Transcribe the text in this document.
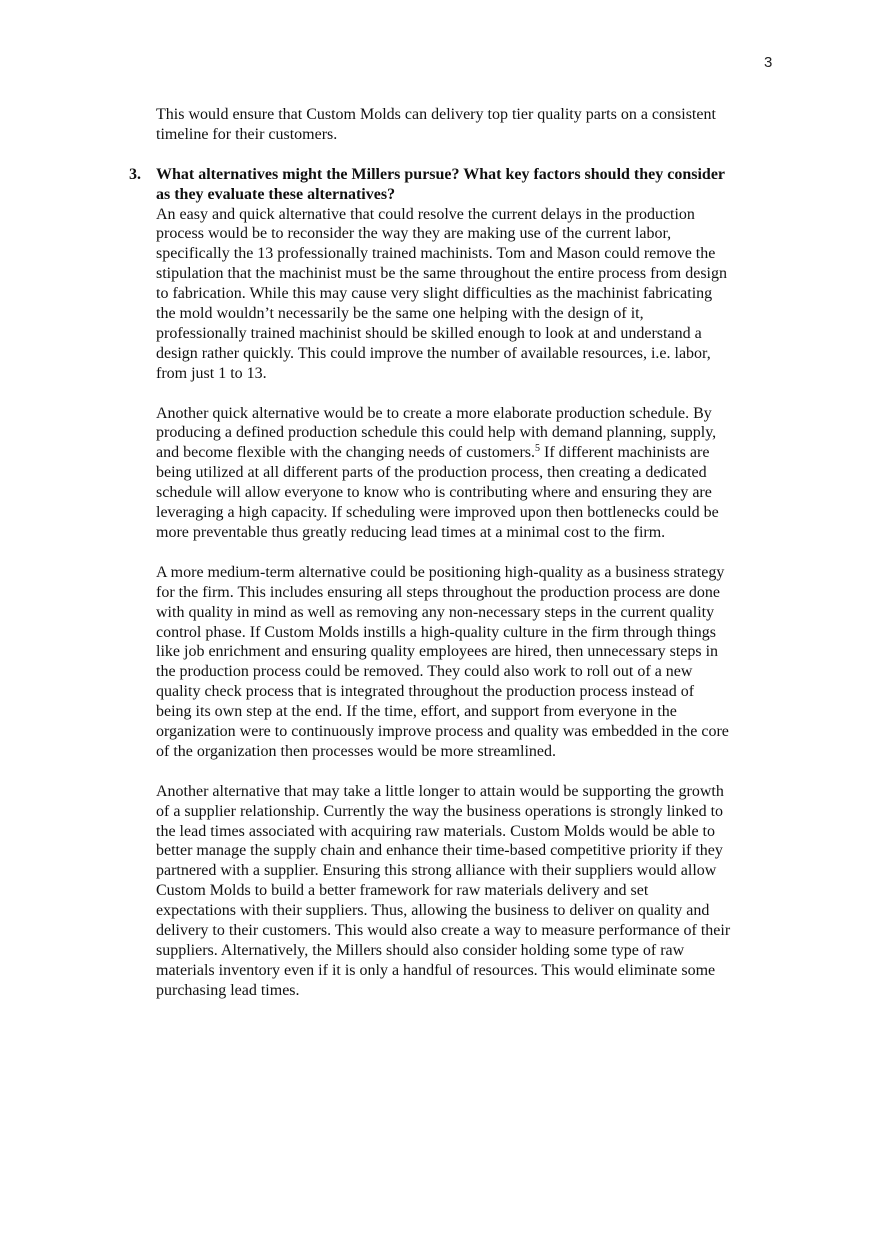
3

This would ensure that Custom Molds can delivery top tier quality parts on a consistent
timeline for their customers.

3. What alternatives might the Millers pursue? What key factors should they consider
as they evaluate these alternatives?

An easy and quick alternative that could resolve the current delays in the production
process would be to reconsider the way they are making use of the current labor,
specifically the 13 professionally trained machinists. Tom and Mason could remove the
stipulation that the machinist must be the same throughout the entire process from design
to fabrication. While this may cause very slight difficulties as the machinist fabricating
the mold wouldn’t necessarily be the same one helping with the design of it,
professionally trained machinist should be skilled enough to look at and understand a
design rather quickly. This could improve the number of available resources, i.e. labor,
from just 1 to 13.

Another quick alternative would be to create a more elaborate production schedule. By
producing a defined production schedule this could help with demand planning, supply,
and become flexible with the changing needs of customers.$^5$ If different machinists are
being utilized at all different parts of the production process, then creating a dedicated
schedule will allow everyone to know who is contributing where and ensuring they are
leveraging a high capacity. If scheduling were improved upon then bottlenecks could be
more preventable thus greatly reducing lead times at a minimal cost to the firm.

A more medium-term alternative could be positioning high-quality as a business strategy
for the firm. This includes ensuring all steps throughout the production process are done
with quality in mind as well as removing any non-necessary steps in the current quality
control phase. If Custom Molds instills a high-quality culture in the firm through things
like job enrichment and ensuring quality employees are hired, then unnecessary steps in
the production process could be removed. They could also work to roll out of a new
quality check process that is integrated throughout the production process instead of
being its own step at the end. If the time, effort, and support from everyone in the
organization were to continuously improve process and quality was embedded in the core
of the organization then processes would be more streamlined.

Another alternative that may take a little longer to attain would be supporting the growth
of a supplier relationship. Currently the way the business operations is strongly linked to
the lead times associated with acquiring raw materials. Custom Molds would be able to
better manage the supply chain and enhance their time-based competitive priority if they
partnered with a supplier. Ensuring this strong alliance with their suppliers would allow
Custom Molds to build a better framework for raw materials delivery and set
expectations with their suppliers. Thus, allowing the business to deliver on quality and
delivery to their customers. This would also create a way to measure performance of their
suppliers. Alternatively, the Millers should also consider holding some type of raw
materials inventory even if it is only a handful of resources. This would eliminate some
purchasing lead times.
